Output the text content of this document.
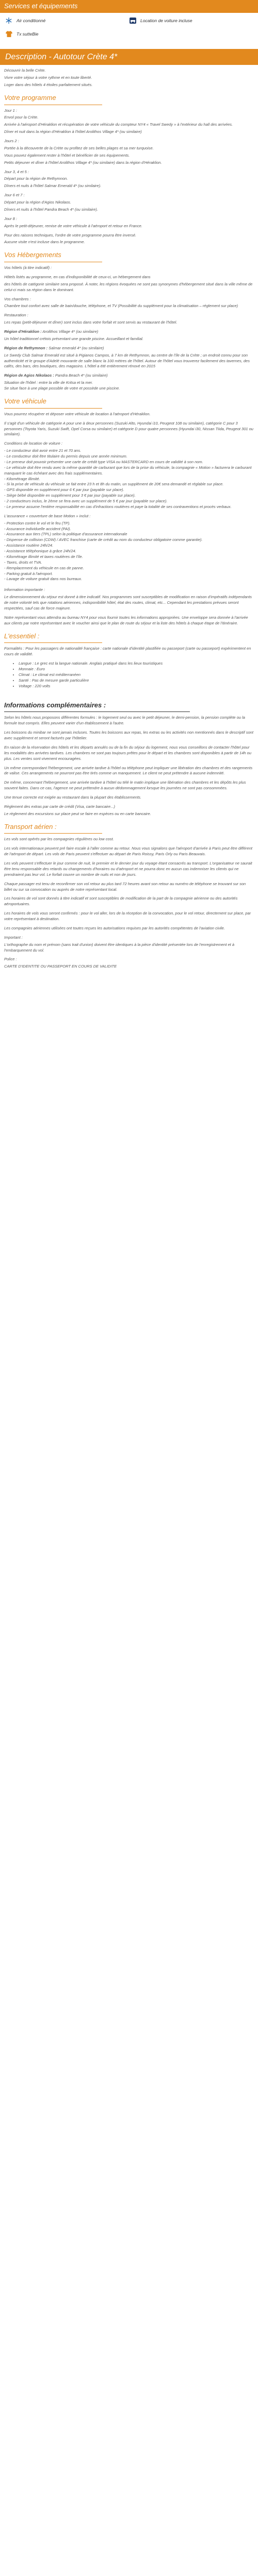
Services et équipements
Air conditionné
Tx sutteBie
Location de voiture incluse
Description - Autotour Crète 4*

Découvrir la belle Crète.

Vivre votre séjour à votre rythme et en toute liberté.

Loger dans des hôtels 4 étoiles parfaitement situés.

Votre programme

Jour 1 :

Envol pour la Crète.

Arrivée à l'aéroport d'Héraklion et récupération de votre véhicule du compteur NY4 « Travel Swedy » à l'extérieur du hall des arrivées.

Dîner et nuit dans la région d'Héraklion à l'hôtel Arolithos Village 4* (ou similaire)

Jours 2 :

Portée à la découverte de la Crète ou profitez de ses belles plages et sa mer turquoise.

Vous pouvez également rester à l'hôtel et bénéficier de ses équipements.

Petits déjeuner et dîner à l'hôtel Arolithos Village 4* (ou similaire) dans la région d'Héraklion.

Jour 3, 4 et 5 :

Départ pour la région de Rethymnon.

Dîners et nuits à l'hôtel Salmar Emerald 4* (ou similaire).

Jour 6 et 7 :

Départ pour la région d'Agios Nikolaos.

Dîners et nuits à l'hôtel Pandra Beach 4* (ou similaire).

Jour 8 :

Après le petit-déjeuner, remise de votre véhicule à l'aéroport et retour en France.

Pour des raisons techniques, l'ordre de votre programme pourra être inversé.

Aucune visite n'est incluse dans le programme.

Vos Hébergements

Vos hôtels (à titre indicatif) :

Hôtels listés au programme, en cas d'indisponibilité de ceux-ci, un hébergement dans

des hôtels de catégorie similaire sera proposé. À noter, les régions évoquées ne sont pas synonymes d'hébergement situé dans la ville même de celui-ci mais sa région dans le dominant.

Vos chambres :

Chambre tout confort avec salle de bain/douche, téléphone, et TV (Possibilité du supplément pour la climatisation – réglement sur place)

Restauration :

Les repas (petit-déjeuner et dîner) sont inclus dans votre forfait et sont servis au restaurant de l'hôtel.

Région d'Héraklion : Arolithos Village 4* (ou similaire)

Un hôtel traditionnel crétois présentant une grande piscine. Accueillant et familial.

Région de Rethymnon : Salmar emerald 4* (ou similaire)

Le Swedy Club Salmar Emerald est situé à Pigianos Campos, à 7 km de Rethymnon, au centre de l'île de la Crète ; un endroit connu pour son authenticité et le groupe d'Adelé mouvante de salle blanc la 100 mètres de l'hôtel. Autour de l'hôtel vous trouverez facilement des tavernes, des cafés, des bars, des boutiques, des magasins. L'hôtel a été entièrement rénové en 2015

Région de Agios Nikolaos : Pandra Beach 4* (ou similaire)

Situation de l'hôtel : entre la ville de Kritsa et la mer.
Se situe face à une plage possible de votre et possède une piscine.

Votre véhicule

Vous pourrez récupérer et déposer votre véhicule de location à l'aéroport d'Héraklion.

Il s'agit d'un véhicule de catégorie A pour une à deux personnes (Suzuki Alto, Hyundai i10, Peugeot 108 ou similaire), catégorie C pour 3 personnes (Toyota Yaris, Suzuki Swift, Opel Corsa ou similaire) et catégorie D pour quatre personnes (Hyundai i30, Nissan Tiida, Peugeot 301 ou similaire).

Conditions de location de voiture :

- Le conducteur doit avoir entre 21 et 70 ans.
- Le conducteur doit être titulaire du permis depuis une année minimum.
- Le preneur doit pouvoir présenter une carte de crédit type VISA ou MASTERCARD en cours de validité à son nom.
- Le véhicule doit être rendu avec la même quantité de carburant que lors de la prise du véhicule, la compagnie « Motion » facturera le carburant manquant le cas échéant avec des frais supplémentaires.
- Kilométrage illimité.
- Si la prise de véhicule du véhicule se fait entre 23 h et 8h du matin, un supplément de 20€ sera demandé et réglable sur place.
- GPS disponible en supplément pour 6 € par jour (payable sur place).
- Siège bébé disponible en supplément pour 3 € par jour (payable sur place).
- 2 conducteurs inclus, le 2ème se fera avec un supplément de 5 € par jour (payable sur place).
- Le preneur assume l'entière responsabilité en cas d'infractions routières et paye la totalité de ses contraventions et procès verbaux.

L'assurance « couverture de base Motion » inclut :

- Protection contre le vol et le feu (TP).
- Assurance individuelle accident (PAI).
- Assurance aux tiers (TPL) selon la politique d'assurance internationale
- Dispense de collision (CDW) / AVEC franchise (carte de crédit au nom du conducteur obligatoire comme garantie).
- Assistance routière 24h/24.
- Assistance téléphonique à grâce 24h/24.
- Kilométrage illimité et taxes routières de l'île.
- Taxes, droits et TVA.
- Remplacement du véhicule en cas de panne.
- Parking gratuit à l'aéroport.
- Lavage de voiture gratuit dans nos bureaux.

Information importante :

Le dimensionnement du séjour est donné à titre indicatif. Nos programmes sont susceptibles de modification en raison d'impératifs indépendants de notre volonté tels que rotations aériennes, indisponibilité hôtel, état des routes, climat, etc... Cependant les prestations prévues seront respectées, sauf cas de force majeure.

Notre représentant vous attendra au bureau NY4 pour vous fournir toutes les informations appropriées. Une enveloppe sera donnée à l'arrivée aux clients par notre représentant avec le voucher ainsi que le plan de route du séjour et la liste des hôtels à chaque étape de l'itinéraire.

L'essentiel :

Formalités : Pour les passagers de nationalité française : carte nationale d'identité plastifiée ou passeport (carte ou passeport) expérimentent en cours de validité.

• Langue : Le grec est la langue nationale. Anglais pratiqué dans les lieux touristiques
• Monnaie : Euro
• Climat : Le climat est méditerranéen
• Santé : Pas de mesure garde particulière
• Voltage : 220 volts
Informations complémentaires :

Selon les hôtels nous proposons différentes formules : le logement seul ou avec le petit déjeuner, le demi-pension, la pension complète ou la formule tout compris. Elles peuvent varier d'un établissement à l'autre.

Les boissons du minibar ne sont jamais incluses. Toutes les boissons aux repas, les extras ou les activités non mentionnés dans le descriptif sont avec supplément et seront facturés par l'hôtelier.

En raison de la réservation des hôtels et les départs annulés ou de la fin du séjour du logement, nous vous conseillons de contacter l'hôtel pour les modalités des arrivées tardives. Les chambres ne sont pas toujours prêtes pour le départ et les chambres sont disponibles à partir de 14h ou plus. Les ventes sont vivement encouragées.

Un même correspondant l'hébergement, une arrivée tardive à l'hôtel ou téléphone peut impliquer une libération des chambres et des rangements de valise. Ces arrangements ne pourront pas être tirés comme un manquement. Le client ne peut prétendre à aucune indemnité.

De même, concernant l'hébergement, une arrivée tardive à l'hôtel ou télé le matin implique une libération des chambres et les dépôts les plus souvent faites. Dans ce cas, l'agence ne peut prétendre à aucun dédommagement lorsque les journées ne sont pas consommées.

Une tenue correcte est exigée au restaurant dans la plupart des établissements.

Règlement des extras par carte de crédit (Visa, carte bancaire...)

Le règlement des excursions sur place peut se faire en espèces ou en carte bancaire.

Transport aérien :

Les vols sont opérés par les compagnies régulières ou low cost.

Les vols internationaux peuvent pré faire escale à l'aller comme au retour. Nous vous signalons que l'aéroport d'arrivée à Paris peut être différent de l'aéroport de départ. Les vols de Paris peuvent s'effectuer au départ de Paris Roissy, Paris Orly ou Paris Beauvais.

Les vols peuvent s'effectuer le jour comme de nuit, le premier et le dernier jour du voyage étant consacrés au transport. L'organisateur ne saurait être tenu responsable des retards ou changements d'horaires ou d'aéroport et ne pourra donc en aucun cas indemniser les clients qui ne prendraient pas leur vol. Le forfait couvre un nombre de nuits et non de jours.

Chaque passager est tenu de reconfirmer son vol retour au plus tard 72 heures avant son retour au numéro de téléphone se trouvant sur son billet ou sur sa convocation ou auprès de notre représentant local.

Les horaires de vol sont donnés à titre indicatif et sont susceptibles de modification de la part de la compagnie aérienne ou des autorités aéroportuaires.

Les horaires de vols vous seront confirmés : pour le vol aller, lors de la réception de la convocation, pour le vol retour, directement sur place, par votre représentant à destination.

Les compagnies aériennes utilisées ont toutes reçues les autorisations requises par les autorités compétentes de l'aviation civile.

Important :

L'orthographe du nom et prénom (sans trait d'union) doivent être identiques à la pièce d'identité présentée lors de l'enregistrement et à l'embarquement du vol.

Police :

CARTE D'IDENTITE OU PASSEPORT EN COURS DE VALIDITE
